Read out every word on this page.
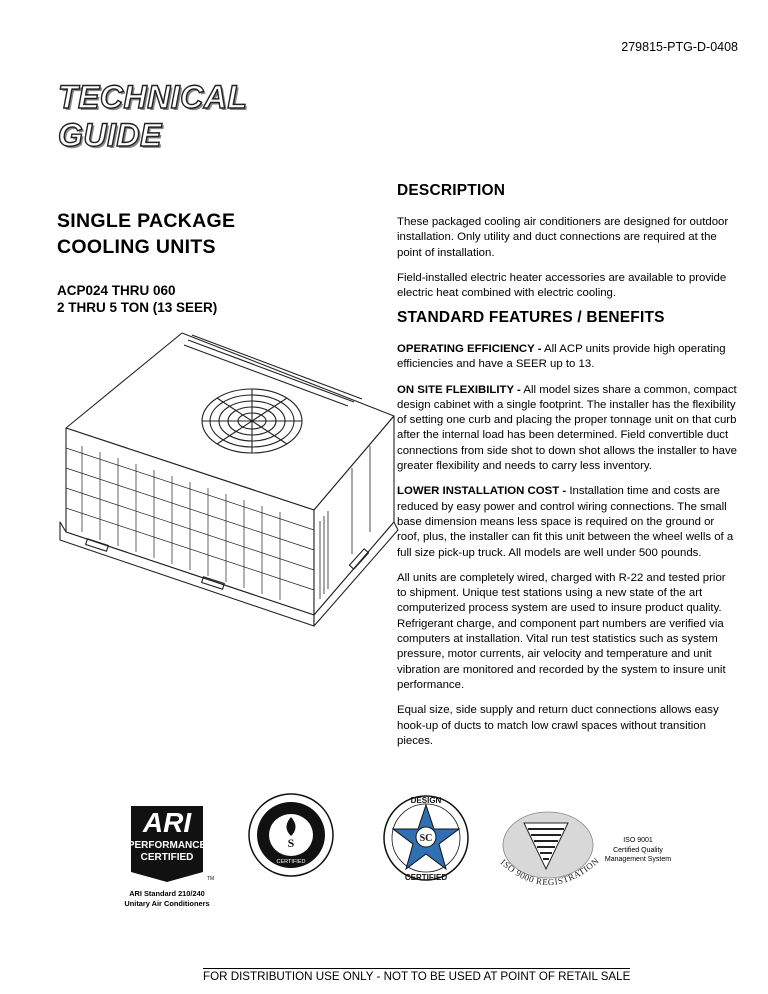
279815-PTG-D-0408
TECHNICAL
GUIDE
SINGLE PACKAGE
COOLING UNITS
ACP024 THRU 060
2 THRU 5 TON (13 SEER)
DESCRIPTION

These packaged cooling air conditioners are designed for outdoor installation. Only utility and duct connections are required at the point of installation.

Field-installed electric heater accessories are available to provide electric heat combined with electric cooling.

STANDARD FEATURES / BENEFITS

OPERATING EFFICIENCY - All ACP units provide high operating efficiencies and have a SEER up to 13.

ON SITE FLEXIBILITY - All model sizes share a common, compact design cabinet with a single footprint. The installer has the flexibility of setting one curb and placing the proper tonnage unit on that curb after the internal load has been determined. Field convertible duct connections from side shot to down shot allows the installer to have greater flexibility and needs to carry less inventory.

LOWER INSTALLATION COST - Installation time and costs are reduced by easy power and control wiring connections. The small base dimension means less space is required on the ground or roof, plus, the installer can fit this unit between the wheel wells of a full size pick-up truck. All models are well under 500 pounds.

All units are completely wired, charged with R-22 and tested prior to shipment. Unique test stations using a new state of the art computerized process system are used to insure product quality. Refrigerant charge, and component part numbers are verified via computers at installation. Vital run test statistics such as system pressure, motor currents, air velocity and temperature and unit vibration are monitored and recorded by the system to insure unit performance.

Equal size, side supply and return duct connections allows easy hook-up of ducts to match low crawl spaces without transition pieces.

ARI
PERFORMANCE
CERTIFIED
TM
ARI Standard 210/240
Unitary Air Conditioners
S
CERTIFIED
SC
DESIGN
CERTIFIED
ISO 9000 REGISTRATION
ISO 9001
Certified Quality
Management System
FOR DISTRIBUTION USE ONLY - NOT TO BE USED AT POINT OF RETAIL SALE
